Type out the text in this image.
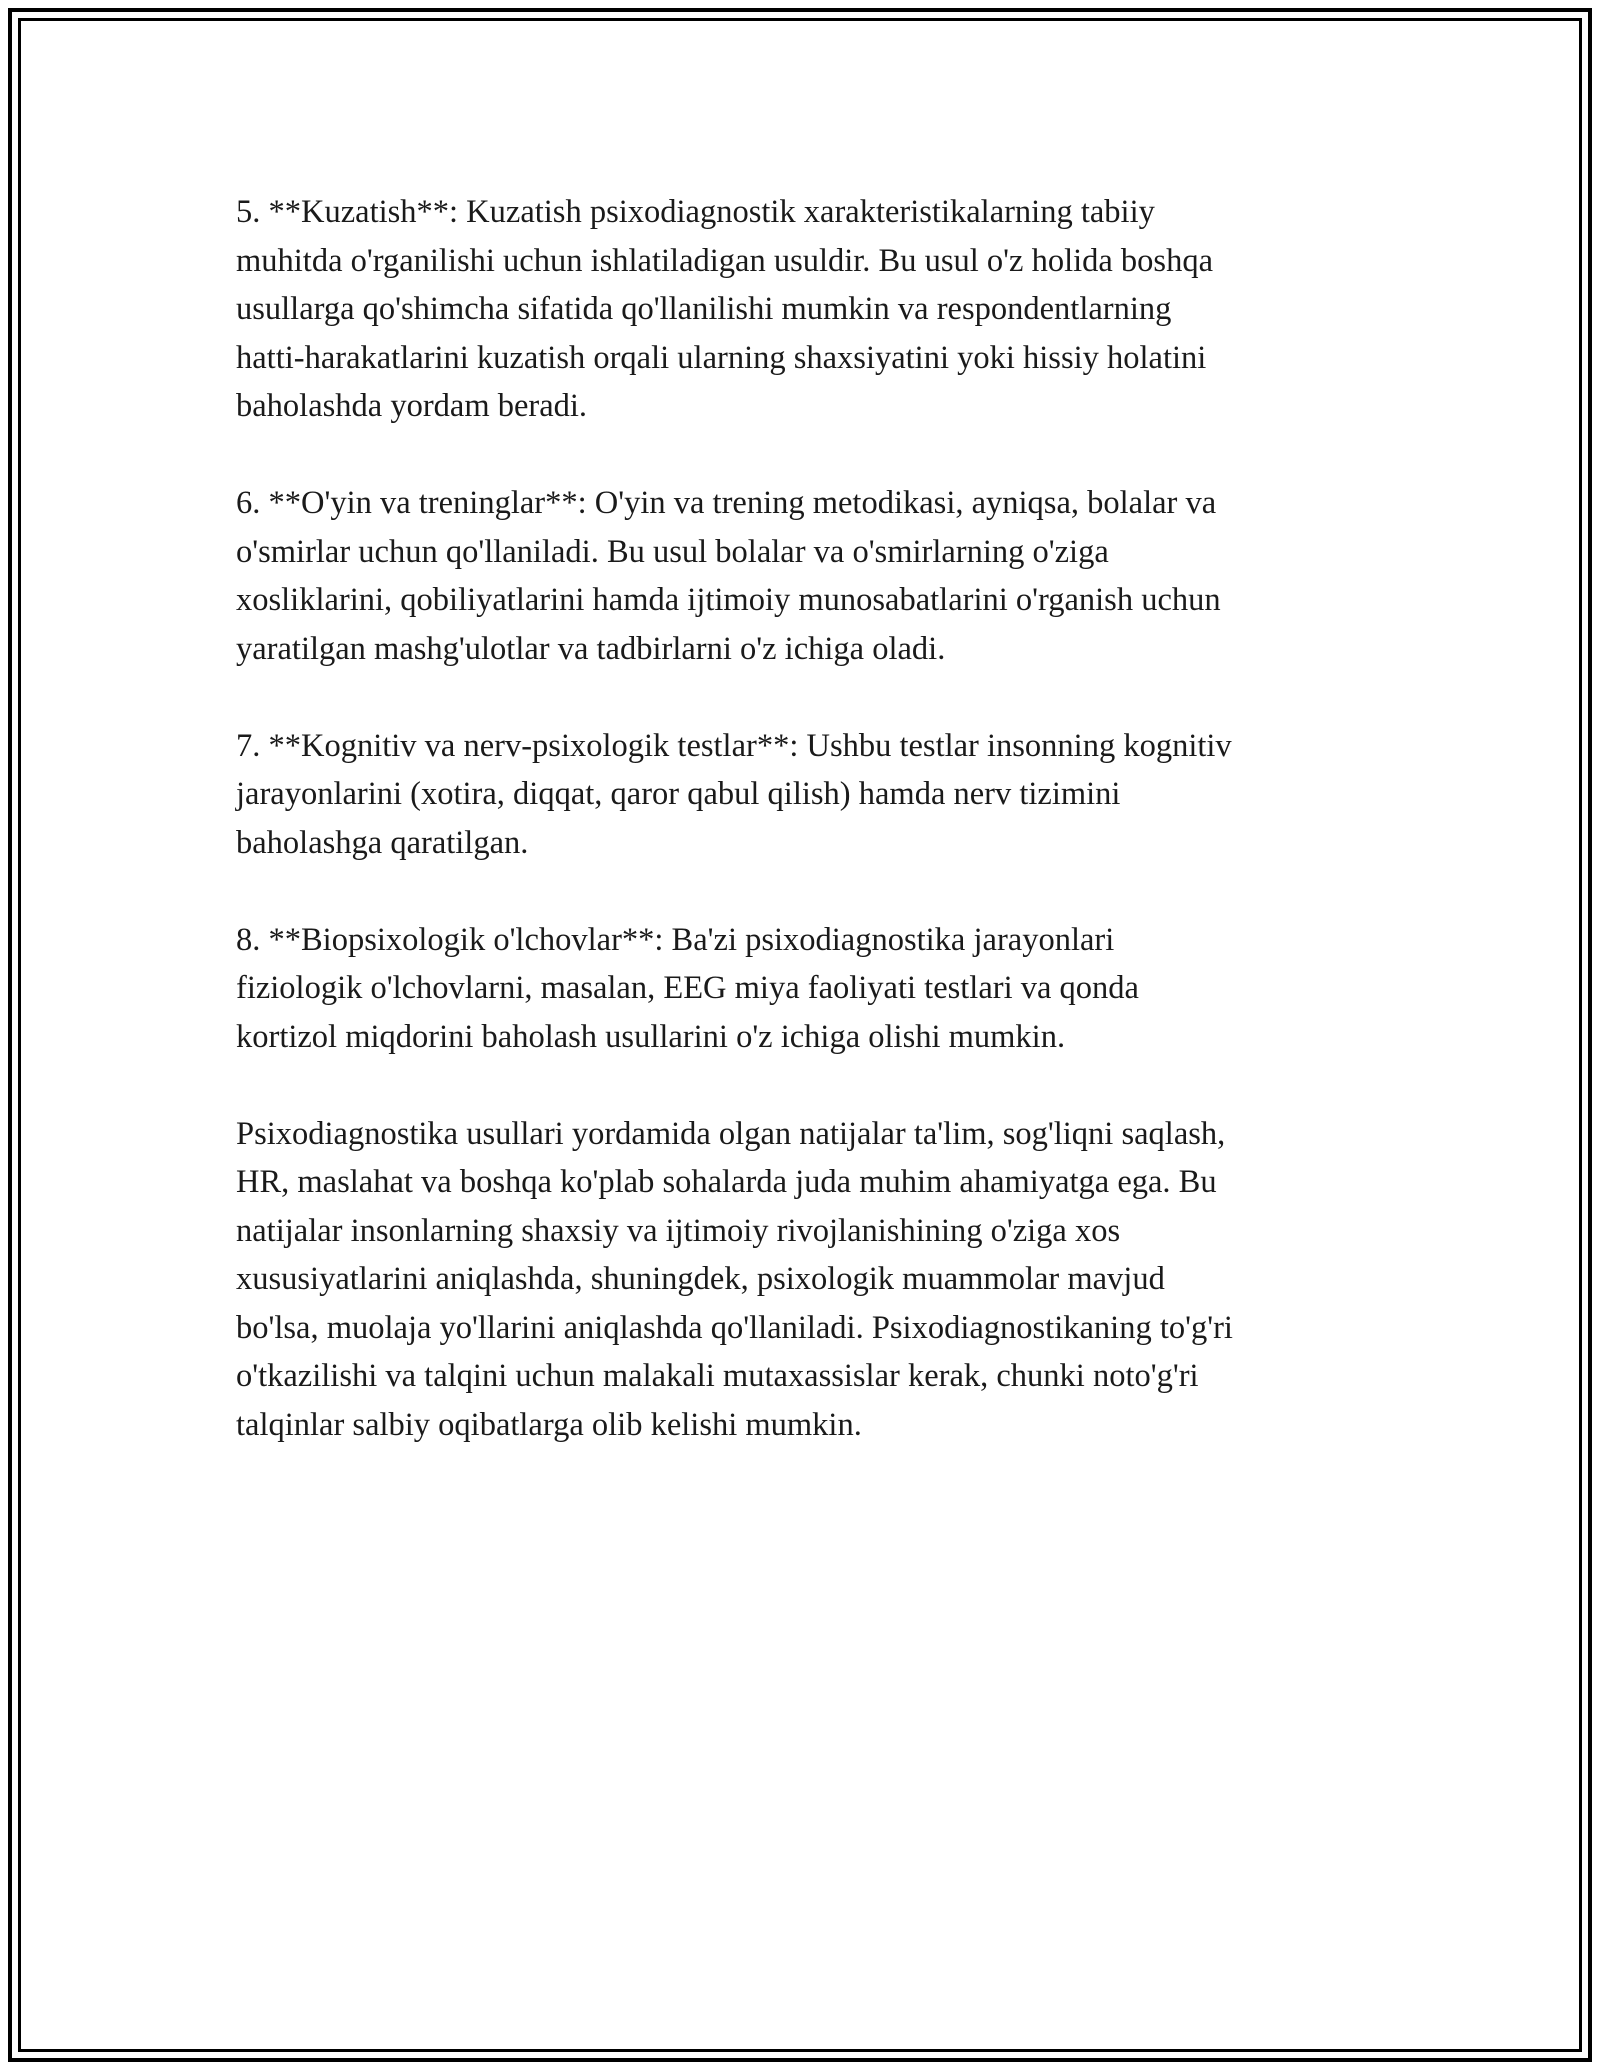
5. **Kuzatish**: Kuzatish psixodiagnostik xarakteristikalarning tabiiy
muhitda o'rganilishi uchun ishlatiladigan usuldir. Bu usul o'z holida boshqa
usullarga qo'shimcha sifatida qo'llanilishi mumkin va respondentlarning
hatti-harakatlarini kuzatish orqali ularning shaxsiyatini yoki hissiy holatini
baholashda yordam beradi.

6. **O'yin va treninglar**: O'yin va trening metodikasi, ayniqsa, bolalar va
o'smirlar uchun qo'llaniladi. Bu usul bolalar va o'smirlarning o'ziga
xosliklarini, qobiliyatlarini hamda ijtimoiy munosabatlarini o'rganish uchun
yaratilgan mashg'ulotlar va tadbirlarni o'z ichiga oladi.

7. **Kognitiv va nerv-psixologik testlar**: Ushbu testlar insonning kognitiv
jarayonlarini (xotira, diqqat, qaror qabul qilish) hamda nerv tizimini
baholashga qaratilgan.

8. **Biopsixologik o'lchovlar**: Ba'zi psixodiagnostika jarayonlari
fiziologik o'lchovlarni, masalan, EEG miya faoliyati testlari va qonda
kortizol miqdorini baholash usullarini o'z ichiga olishi mumkin.

Psixodiagnostika usullari yordamida olgan natijalar ta'lim, sog'liqni saqlash,
HR, maslahat va boshqa ko'plab sohalarda juda muhim ahamiyatga ega. Bu
natijalar insonlarning shaxsiy va ijtimoiy rivojlanishining o'ziga xos
xususiyatlarini aniqlashda, shuningdek, psixologik muammolar mavjud
bo'lsa, muolaja yo'llarini aniqlashda qo'llaniladi. Psixodiagnostikaning to'g'ri
o'tkazilishi va talqini uchun malakali mutaxassislar kerak, chunki noto'g'ri
talqinlar salbiy oqibatlarga olib kelishi mumkin.
